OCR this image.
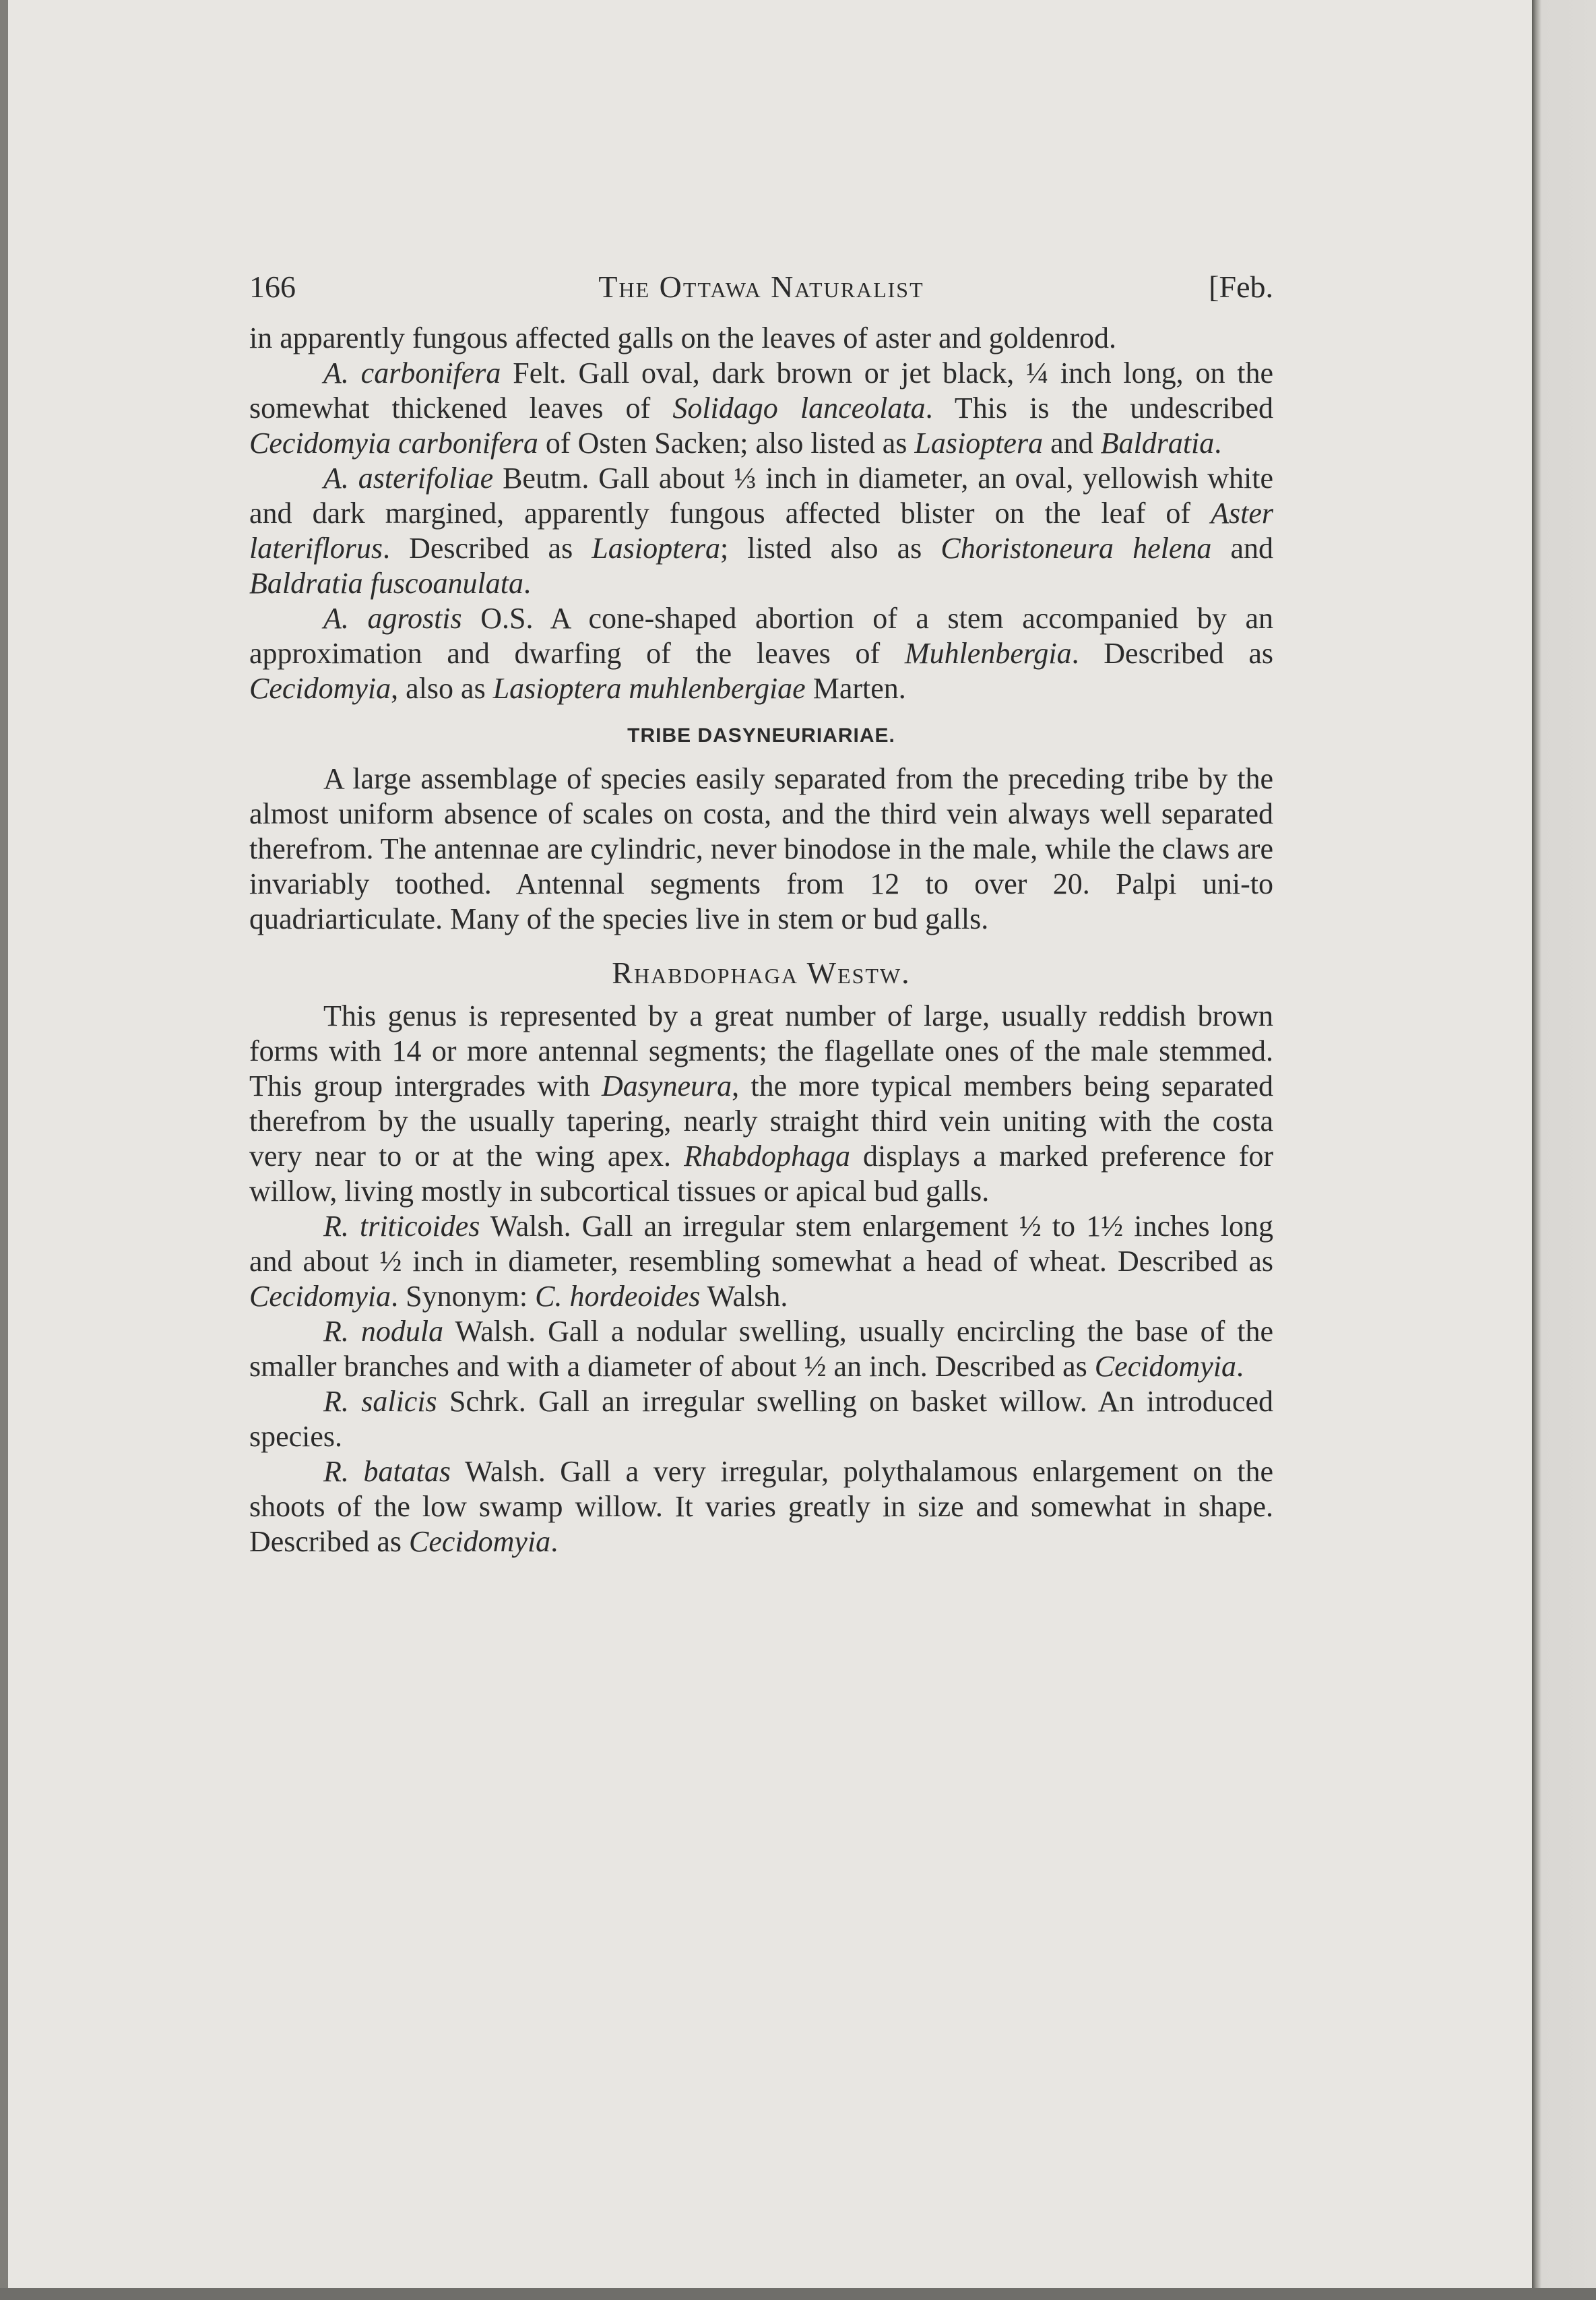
166	The Ottawa Naturalist	[Feb.

in apparently fungous affected galls on the leaves of aster and goldenrod.

A. carbonifera Felt. Gall oval, dark brown or jet black, ¼ inch long, on the somewhat thickened leaves of Solidago lanceolata. This is the undescribed Cecidomyia carbonifera of Osten Sacken; also listed as Lasioptera and Baldratia.

A. asterifoliae Beutm. Gall about ⅓ inch in diameter, an oval, yellowish white and dark margined, apparently fungous affected blister on the leaf of Aster lateriflorus. Described as Lasioptera; listed also as Choristoneura helena and Baldratia fuscoanulata.

A. agrostis O.S. A cone-shaped abortion of a stem accompanied by an approximation and dwarfing of the leaves of Muhlenbergia. Described as Cecidomyia, also as Lasioptera muhlenbergiae Marten.

TRIBE DASYNEURIARIAE.

A large assemblage of species easily separated from the preceding tribe by the almost uniform absence of scales on costa, and the third vein always well separated therefrom. The antennae are cylindric, never binodose in the male, while the claws are invariably toothed. Antennal segments from 12 to over 20. Palpi uni-to quadriarticulate. Many of the species live in stem or bud galls.

Rhabdophaga Westw.

This genus is represented by a great number of large, usually reddish brown forms with 14 or more antennal segments; the flagellate ones of the male stemmed. This group intergrades with Dasyneura, the more typical members being separated therefrom by the usually tapering, nearly straight third vein uniting with the costa very near to or at the wing apex. Rhabdophaga displays a marked preference for willow, living mostly in subcortical tissues or apical bud galls.

R. triticoides Walsh. Gall an irregular stem enlargement ½ to 1½ inches long and about ½ inch in diameter, resembling somewhat a head of wheat. Described as Cecidomyia. Synonym: C. hordeoides Walsh.

R. nodula Walsh. Gall a nodular swelling, usually encircling the base of the smaller branches and with a diameter of about ½ an inch. Described as Cecidomyia.

R. salicis Schrk. Gall an irregular swelling on basket willow. An introduced species.

R. batatas Walsh. Gall a very irregular, polythalamous enlargement on the shoots of the low swamp willow. It varies greatly in size and somewhat in shape. Described as Cecidomyia.
